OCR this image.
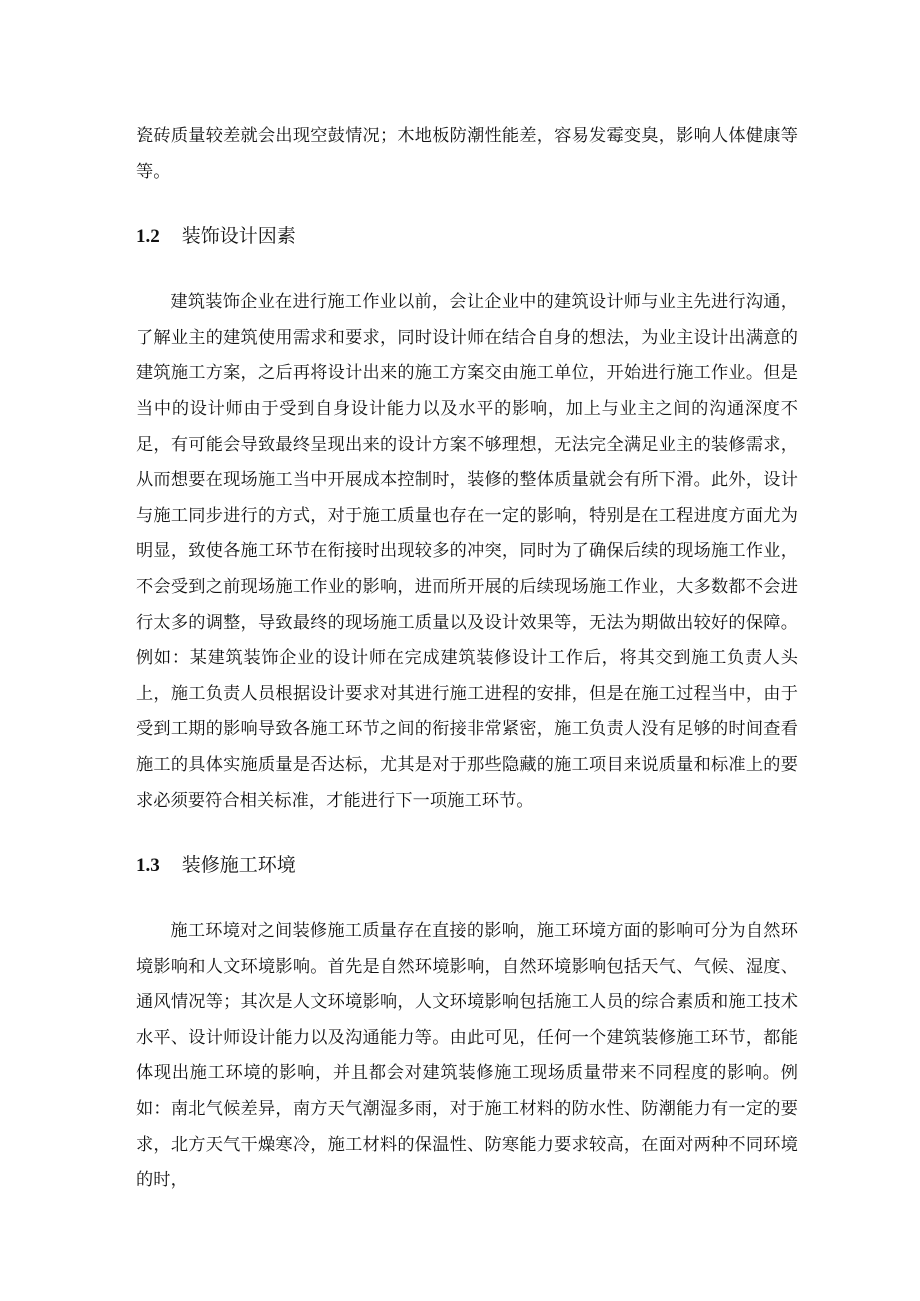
瓷砖质量较差就会出现空鼓情况；木地板防潮性能差，容易发霉变臭，影响人体健康等等。

1.2 装饰设计因素

建筑装饰企业在进行施工作业以前，会让企业中的建筑设计师与业主先进行沟通，了解业主的建筑使用需求和要求，同时设计师在结合自身的想法，为业主设计出满意的建筑施工方案，之后再将设计出来的施工方案交由施工单位，开始进行施工作业。但是当中的设计师由于受到自身设计能力以及水平的影响，加上与业主之间的沟通深度不足，有可能会导致最终呈现出来的设计方案不够理想，无法完全满足业主的装修需求，从而想要在现场施工当中开展成本控制时，装修的整体质量就会有所下滑。此外，设计与施工同步进行的方式，对于施工质量也存在一定的影响，特别是在工程进度方面尤为明显，致使各施工环节在衔接时出现较多的冲突，同时为了确保后续的现场施工作业，不会受到之前现场施工作业的影响，进而所开展的后续现场施工作业，大多数都不会进行太多的调整，导致最终的现场施工质量以及设计效果等，无法为期做出较好的保障。例如：某建筑装饰企业的设计师在完成建筑装修设计工作后，将其交到施工负责人头上，施工负责人员根据设计要求对其进行施工进程的安排，但是在施工过程当中，由于受到工期的影响导致各施工环节之间的衔接非常紧密，施工负责人没有足够的时间查看施工的具体实施质量是否达标，尤其是对于那些隐藏的施工项目来说质量和标准上的要求必须要符合相关标准，才能进行下一项施工环节。

1.3 装修施工环境

施工环境对之间装修施工质量存在直接的影响，施工环境方面的影响可分为自然环境影响和人文环境影响。首先是自然环境影响，自然环境影响包括天气、气候、湿度、通风情况等；其次是人文环境影响，人文环境影响包括施工人员的综合素质和施工技术水平、设计师设计能力以及沟通能力等。由此可见，任何一个建筑装修施工环节，都能体现出施工环境的影响，并且都会对建筑装修施工现场质量带来不同程度的影响。例如：南北气候差异，南方天气潮湿多雨，对于施工材料的防水性、防潮能力有一定的要求，北方天气干燥寒冷，施工材料的保温性、防寒能力要求较高，在面对两种不同环境的时，
